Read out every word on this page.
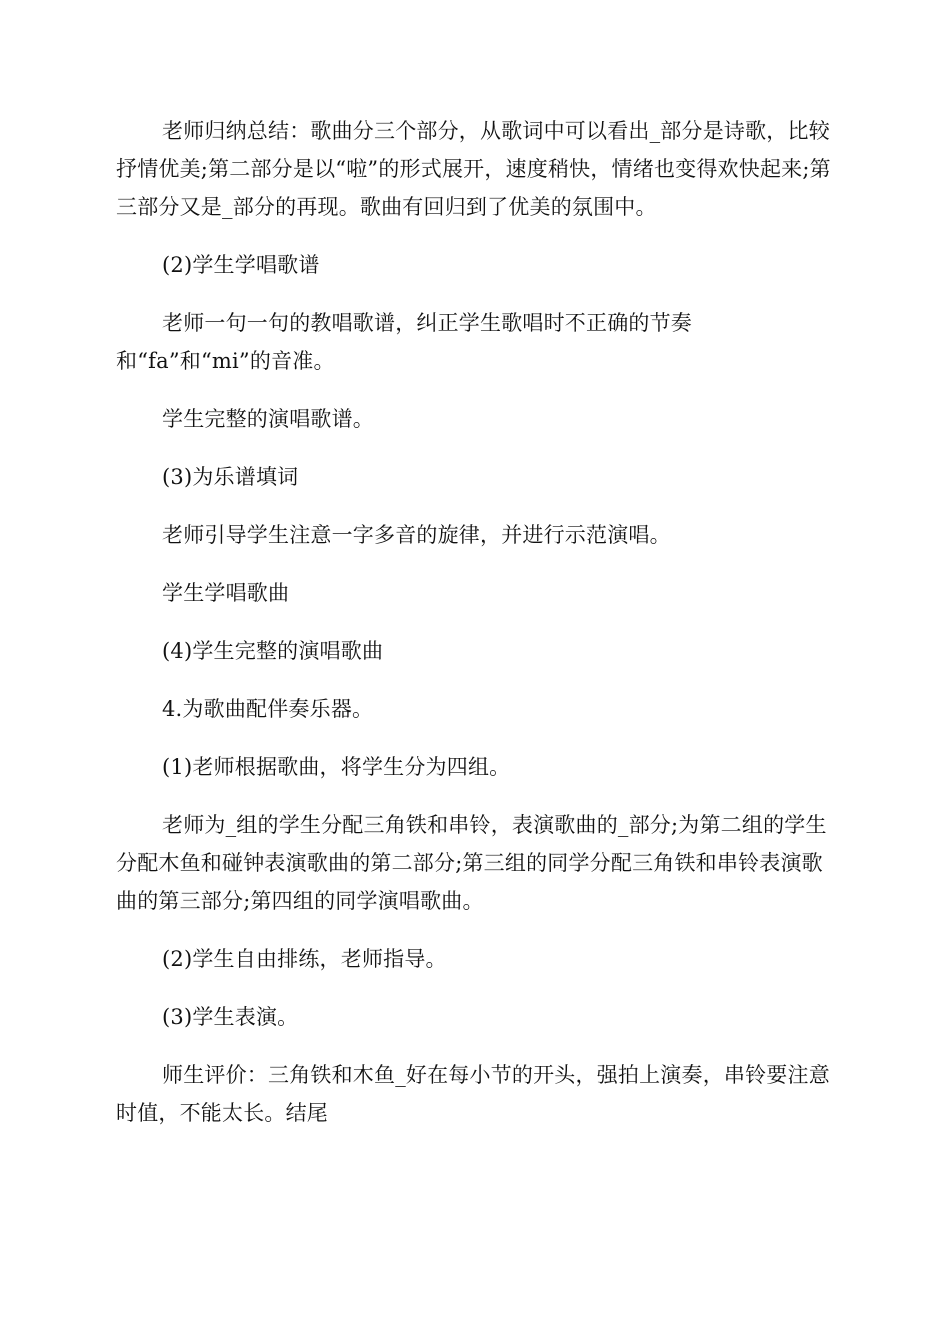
老师归纳总结：歌曲分三个部分，从歌词中可以看出_部分是诗歌，比较抒情优美;第二部分是以“啦”的形式展开，速度稍快，情绪也变得欢快起来;第三部分又是_部分的再现。歌曲有回归到了优美的氛围中。

(2)学生学唱歌谱

老师一句一句的教唱歌谱，纠正学生歌唱时不正确的节奏
和“fa”和“mi”的音准。

学生完整的演唱歌谱。

(3)为乐谱填词

老师引导学生注意一字多音的旋律，并进行示范演唱。

学生学唱歌曲

(4)学生完整的演唱歌曲

4.为歌曲配伴奏乐器。

(1)老师根据歌曲，将学生分为四组。

老师为_组的学生分配三角铁和串铃，表演歌曲的_部分;为第二组的学生分配木鱼和碰钟表演歌曲的第二部分;第三组的同学分配三角铁和串铃表演歌曲的第三部分;第四组的同学演唱歌曲。

(2)学生自由排练，老师指导。

(3)学生表演。

师生评价：三角铁和木鱼_好在每小节的开头，强拍上演奏，串铃要注意时值，不能太长。结尾
